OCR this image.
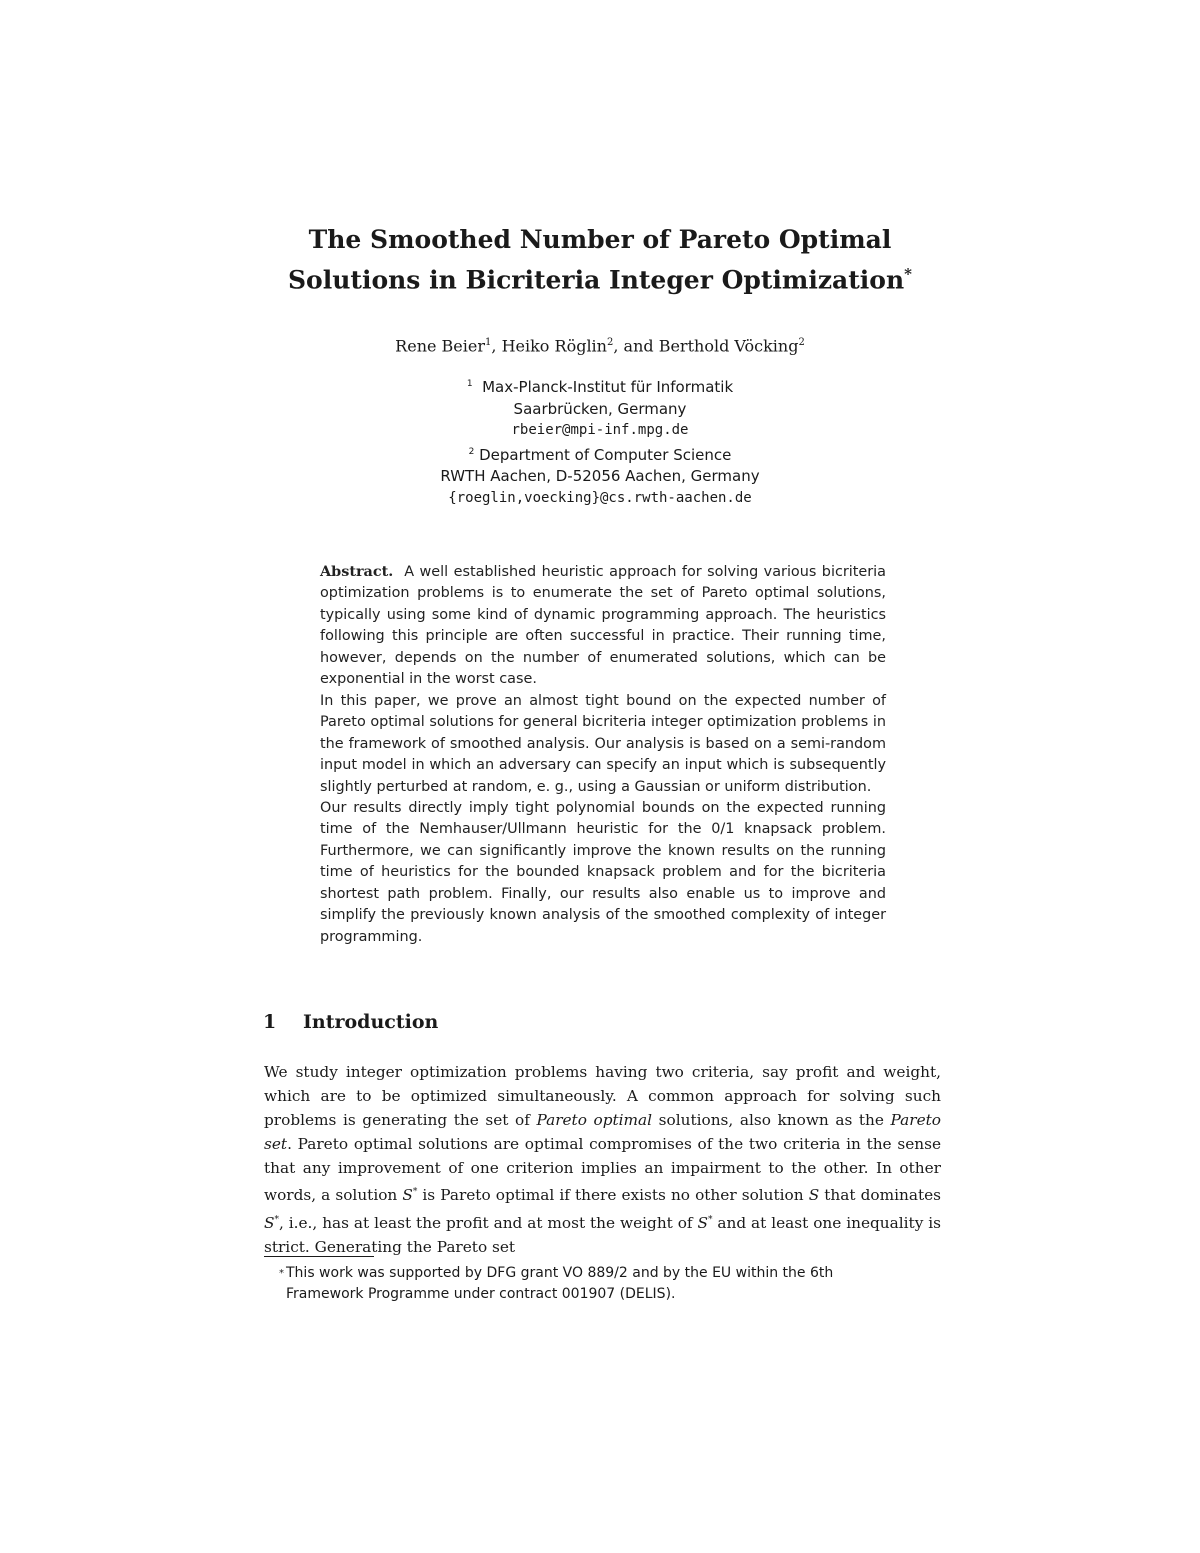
The Smoothed Number of Pareto Optimal
Solutions in Bicriteria Integer Optimization*
Rene Beier$^1$, Heiko Röglin$^2$, and Berthold Vöcking$^2$
$^1$ Max-Planck-Institut für Informatik
Saarbrücken, Germany
rbeier@mpi-inf.mpg.de
$^2$ Department of Computer Science
RWTH Aachen, D-52056 Aachen, Germany
{roeglin,voecking}@cs.rwth-aachen.de

Abstract. A well established heuristic approach for solving various bicriteria optimization problems is to enumerate the set of Pareto optimal solutions, typically using some kind of dynamic programming approach. The heuristics following this principle are often successful in practice. Their running time, however, depends on the number of enumerated solutions, which can be exponential in the worst case.

In this paper, we prove an almost tight bound on the expected number of Pareto optimal solutions for general bicriteria integer optimization problems in the framework of smoothed analysis. Our analysis is based on a semi-random input model in which an adversary can specify an input which is subsequently slightly perturbed at random, e. g., using a Gaussian or uniform distribution.

Our results directly imply tight polynomial bounds on the expected running time of the Nemhauser/Ullmann heuristic for the 0/1 knapsack problem. Furthermore, we can significantly improve the known results on the running time of heuristics for the bounded knapsack problem and for the bicriteria shortest path problem. Finally, our results also enable us to improve and simplify the previously known analysis of the smoothed complexity of integer programming.

1 Introduction

We study integer optimization problems having two criteria, say profit and weight, which are to be optimized simultaneously. A common approach for solving such problems is generating the set of Pareto optimal solutions, also known as the Pareto set. Pareto optimal solutions are optimal compromises of the two criteria in the sense that any improvement of one criterion implies an impairment to the other. In other words, a solution S* is Pareto optimal if there exists no other solution S that dominates S*, i.e., has at least the profit and at most the weight of S* and at least one inequality is strict. Generating the Pareto set

* This work was supported by DFG grant VO 889/2 and by the EU within the 6th
Framework Programme under contract 001907 (DELIS).
